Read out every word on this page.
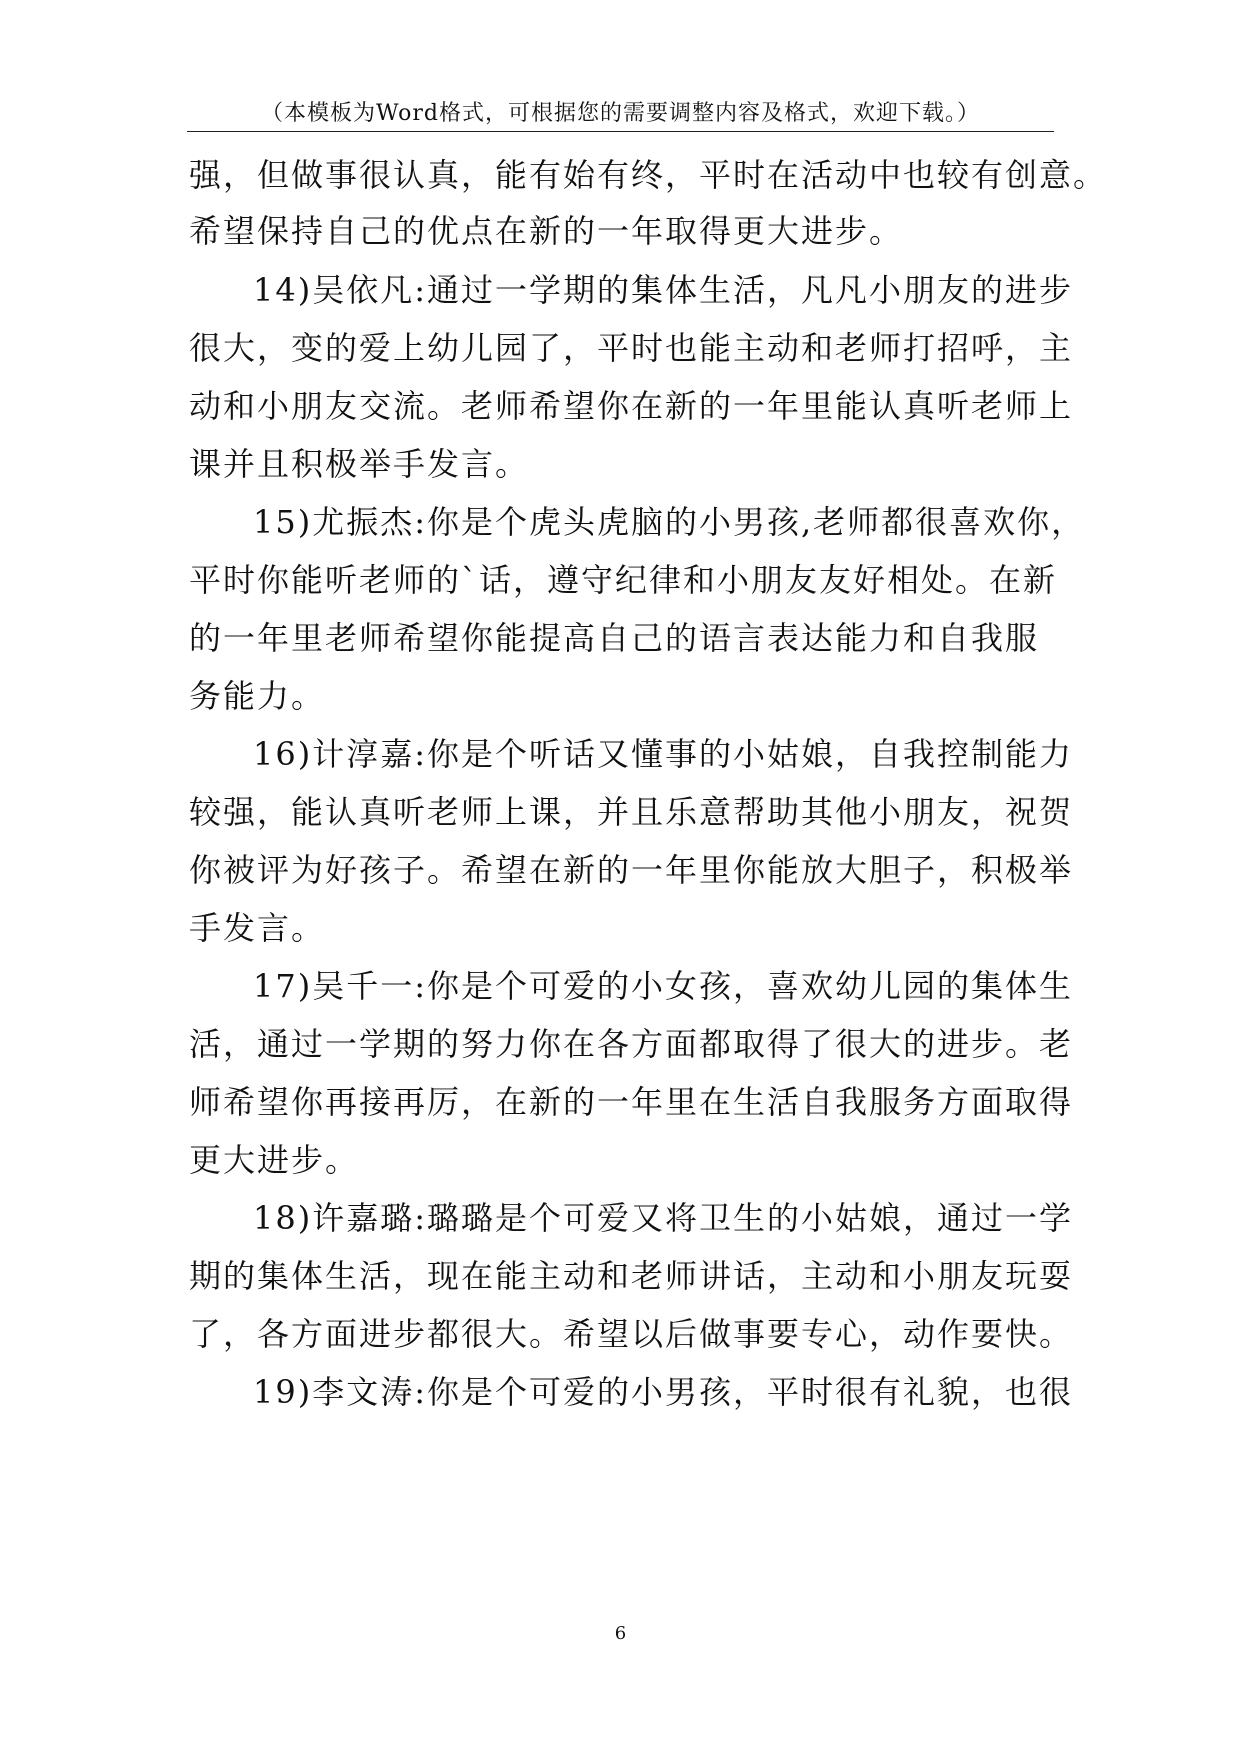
（本模板为Word格式，可根据您的需要调整内容及格式，欢迎下载。）
强，但做事很认真，能有始有终，平时在活动中也较有创意。
希望保持自己的优点在新的一年取得更大进步。
14)吴依凡:通过一学期的集体生活，凡凡小朋友的进步
很大，变的爱上幼儿园了，平时也能主动和老师打招呼，主
动和小朋友交流。老师希望你在新的一年里能认真听老师上
课并且积极举手发言。
15)尤振杰:你是个虎头虎脑的小男孩,老师都很喜欢你，
平时你能听老师的`话，遵守纪律和小朋友友好相处。在新
的一年里老师希望你能提高自己的语言表达能力和自我服
务能力。
16)计淳嘉:你是个听话又懂事的小姑娘，自我控制能力
较强，能认真听老师上课，并且乐意帮助其他小朋友，祝贺
你被评为好孩子。希望在新的一年里你能放大胆子，积极举
手发言。
17)吴千一:你是个可爱的小女孩，喜欢幼儿园的集体生
活，通过一学期的努力你在各方面都取得了很大的进步。老
师希望你再接再厉，在新的一年里在生活自我服务方面取得
更大进步。
18)许嘉璐:璐璐是个可爱又将卫生的小姑娘，通过一学
期的集体生活，现在能主动和老师讲话，主动和小朋友玩耍
了，各方面进步都很大。希望以后做事要专心，动作要快。
19)李文涛:你是个可爱的小男孩，平时很有礼貌，也很
6
